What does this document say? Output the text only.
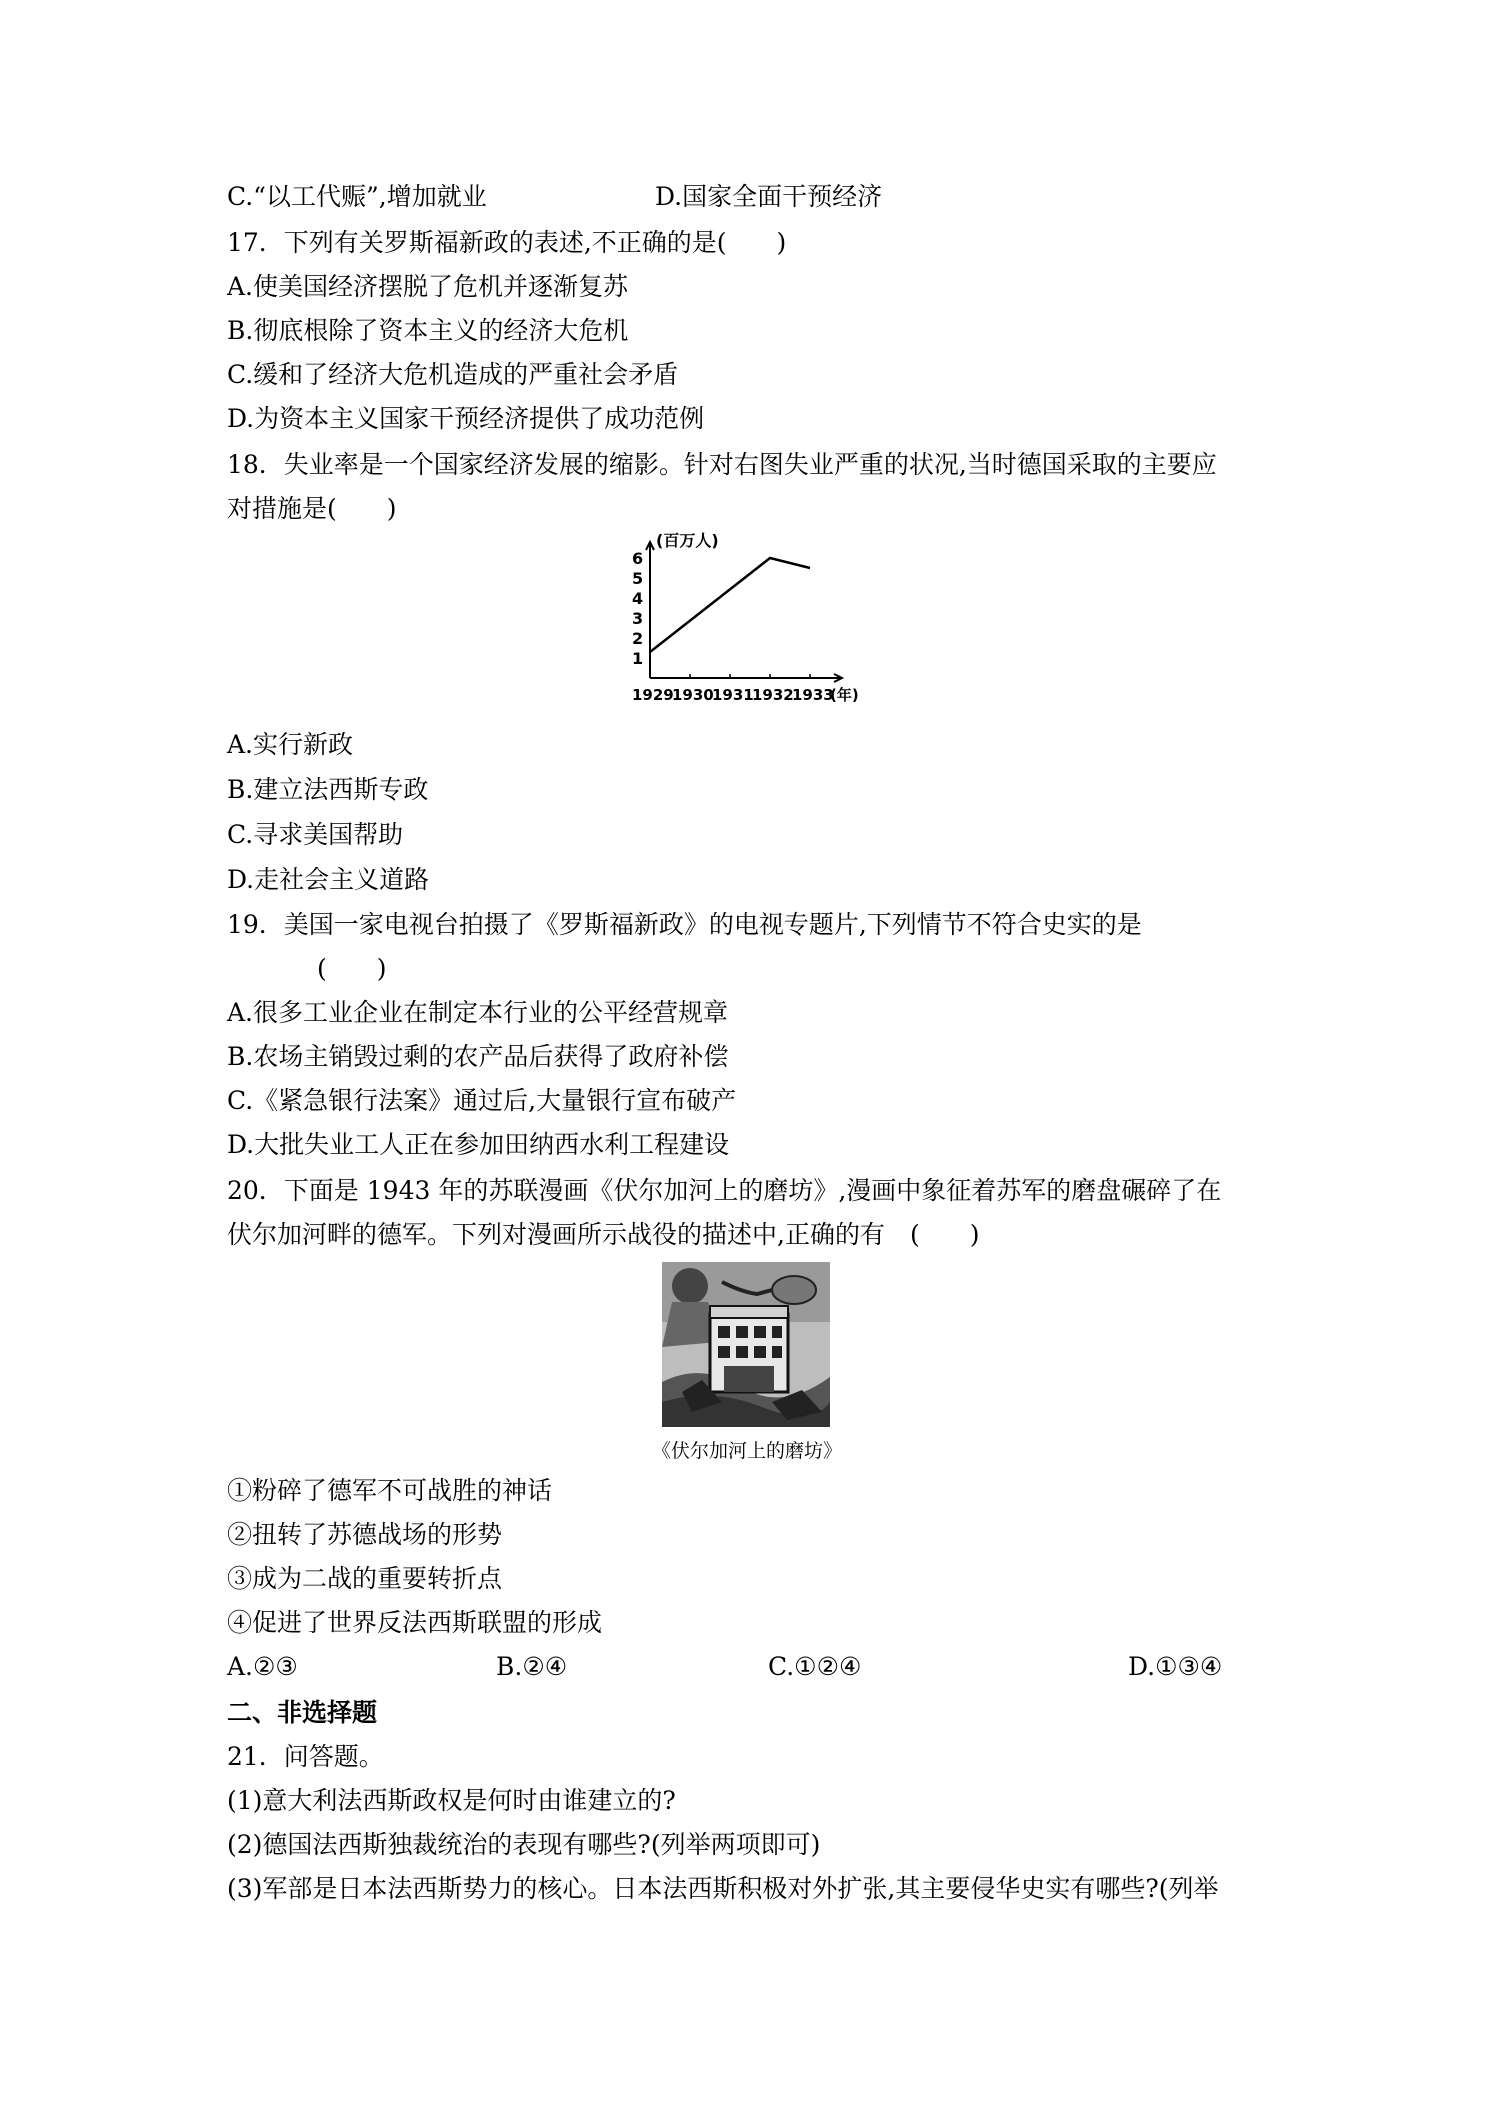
C.“以工代赈”,增加就业	D.国家全面干预经济
17．下列有关罗斯福新政的表述,不正确的是(　　)
A.使美国经济摆脱了危机并逐渐复苏
B.彻底根除了资本主义的经济大危机
C.缓和了经济大危机造成的严重社会矛盾
D.为资本主义国家干预经济提供了成功范例
18．失业率是一个国家经济发展的缩影。针对右图失业严重的状况,当时德国采取的主要应
对措施是(　　)
(百万人)
1
2
3
4
5
6
1929
1930
1931
1932
1933
(年)
A.实行新政
B.建立法西斯专政
C.寻求美国帮助
D.走社会主义道路
19．美国一家电视台拍摄了《罗斯福新政》的电视专题片,下列情节不符合史实的是
(　　)
A.很多工业企业在制定本行业的公平经营规章
B.农场主销毁过剩的农产品后获得了政府补偿
C.《紧急银行法案》通过后,大量银行宣布破产
D.大批失业工人正在参加田纳西水利工程建设
20．下面是 1943 年的苏联漫画《伏尔加河上的磨坊》,漫画中象征着苏军的磨盘碾碎了在
伏尔加河畔的德军。下列对漫画所示战役的描述中,正确的有　(　　)
《伏尔加河上的磨坊》
①粉碎了德军不可战胜的神话
②扭转了苏德战场的形势
③成为二战的重要转折点
④促进了世界反法西斯联盟的形成
A.②③	B.②④	C.①②④	D.①③④
二、非选择题
21．问答题。
(1)意大利法西斯政权是何时由谁建立的?
(2)德国法西斯独裁统治的表现有哪些?(列举两项即可)
(3)军部是日本法西斯势力的核心。日本法西斯积极对外扩张,其主要侵华史实有哪些?(列举
